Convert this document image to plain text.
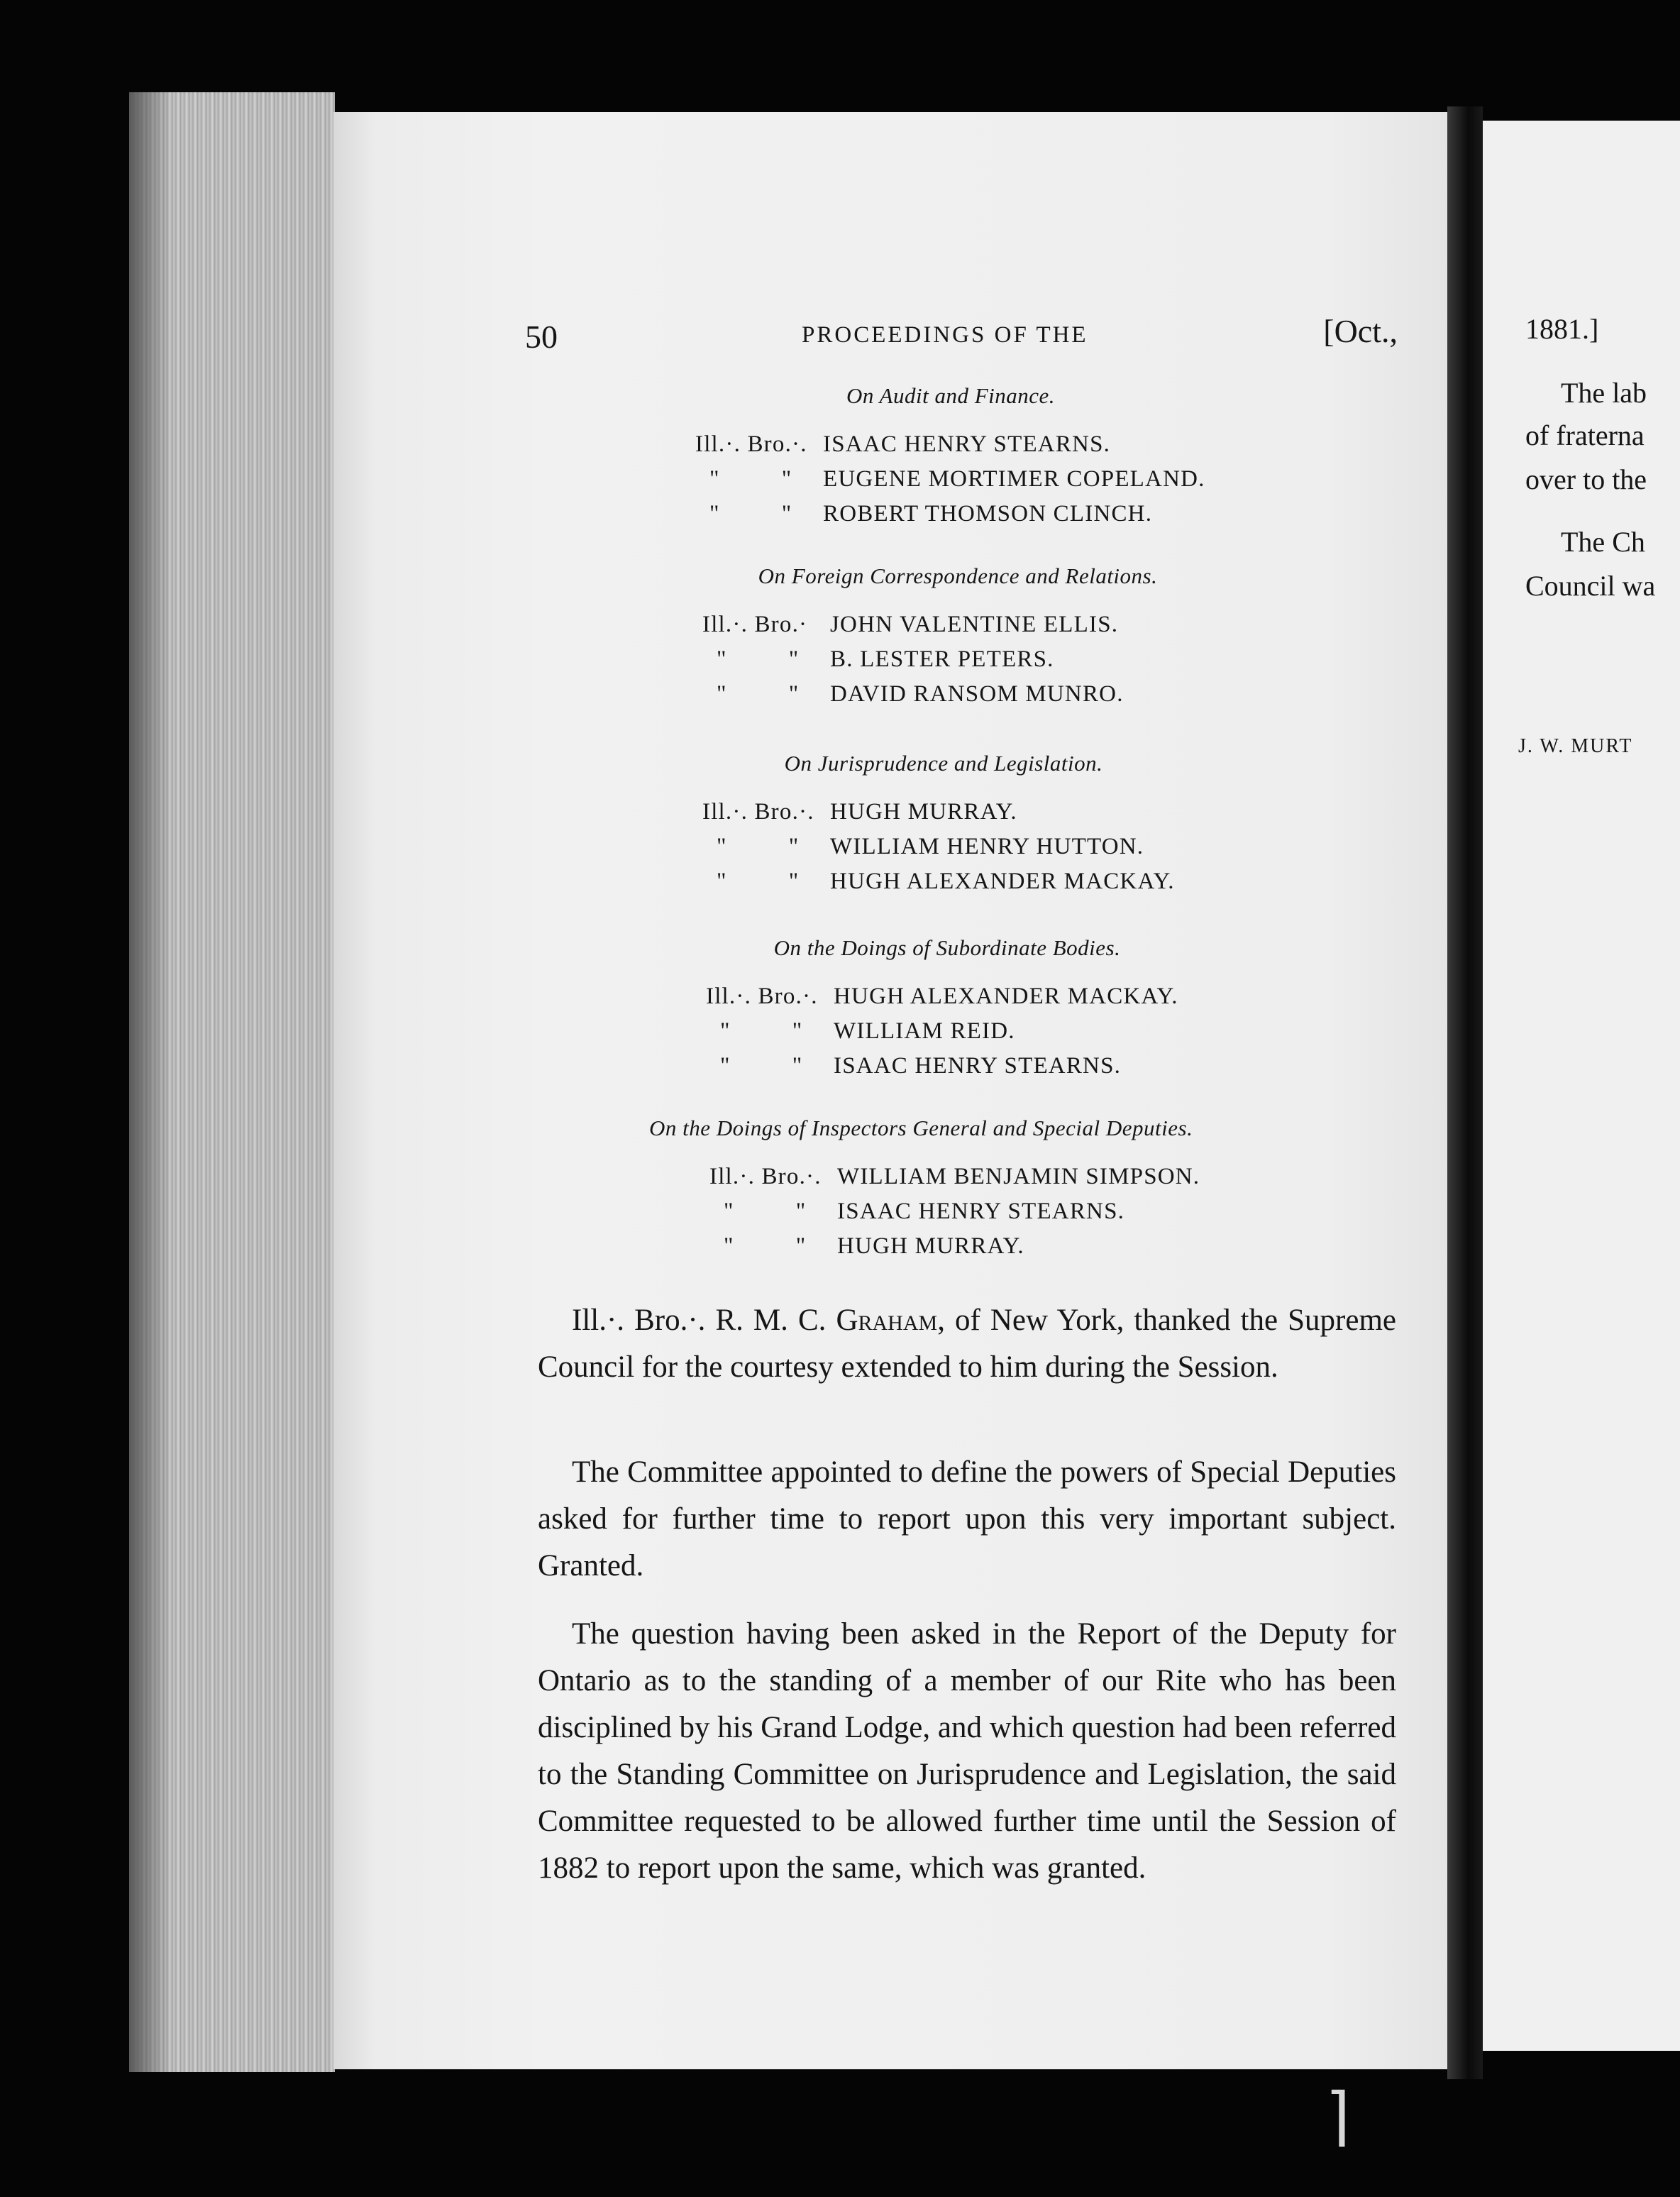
50	PROCEEDINGS OF THE	[Oct.,
On Audit and Finance.
Ill.·. Bro.·. ISAAC HENRY STEARNS.
" " EUGENE MORTIMER COPELAND.
" " ROBERT THOMSON CLINCH.
On Foreign Correspondence and Relations.
Ill.·. Bro.· JOHN VALENTINE ELLIS.
" " B. LESTER PETERS.
" " DAVID RANSOM MUNRO.
On Jurisprudence and Legislation.
Ill.·. Bro.·. HUGH MURRAY.
" " WILLIAM HENRY HUTTON.
" " HUGH ALEXANDER MACKAY.
On the Doings of Subordinate Bodies.
Ill.·. Bro.·. HUGH ALEXANDER MACKAY.
" " WILLIAM REID.
" " ISAAC HENRY STEARNS.
On the Doings of Inspectors General and Special Deputies.
Ill.·. Bro.·. WILLIAM BENJAMIN SIMPSON.
" " ISAAC HENRY STEARNS.
" " HUGH MURRAY.

Ill.·. Bro.·. R. M. C. Graham, of New York, thanked the Supreme Council for the courtesy extended to him during the Session.

The Committee appointed to define the powers of Special Deputies asked for further time to report upon this very important subject. Granted.

The question having been asked in the Report of the Deputy for Ontario as to the standing of a member of our Rite who has been disciplined by his Grand Lodge, and which question had been referred to the Standing Committee on Jurisprudence and Legislation, the said Committee requested to be allowed further time until the Session of 1882 to report upon the same, which was granted.

1881.]
The lab
of fraterna
over to the
The Ch
Council wa
J. W. MURT
⌉
